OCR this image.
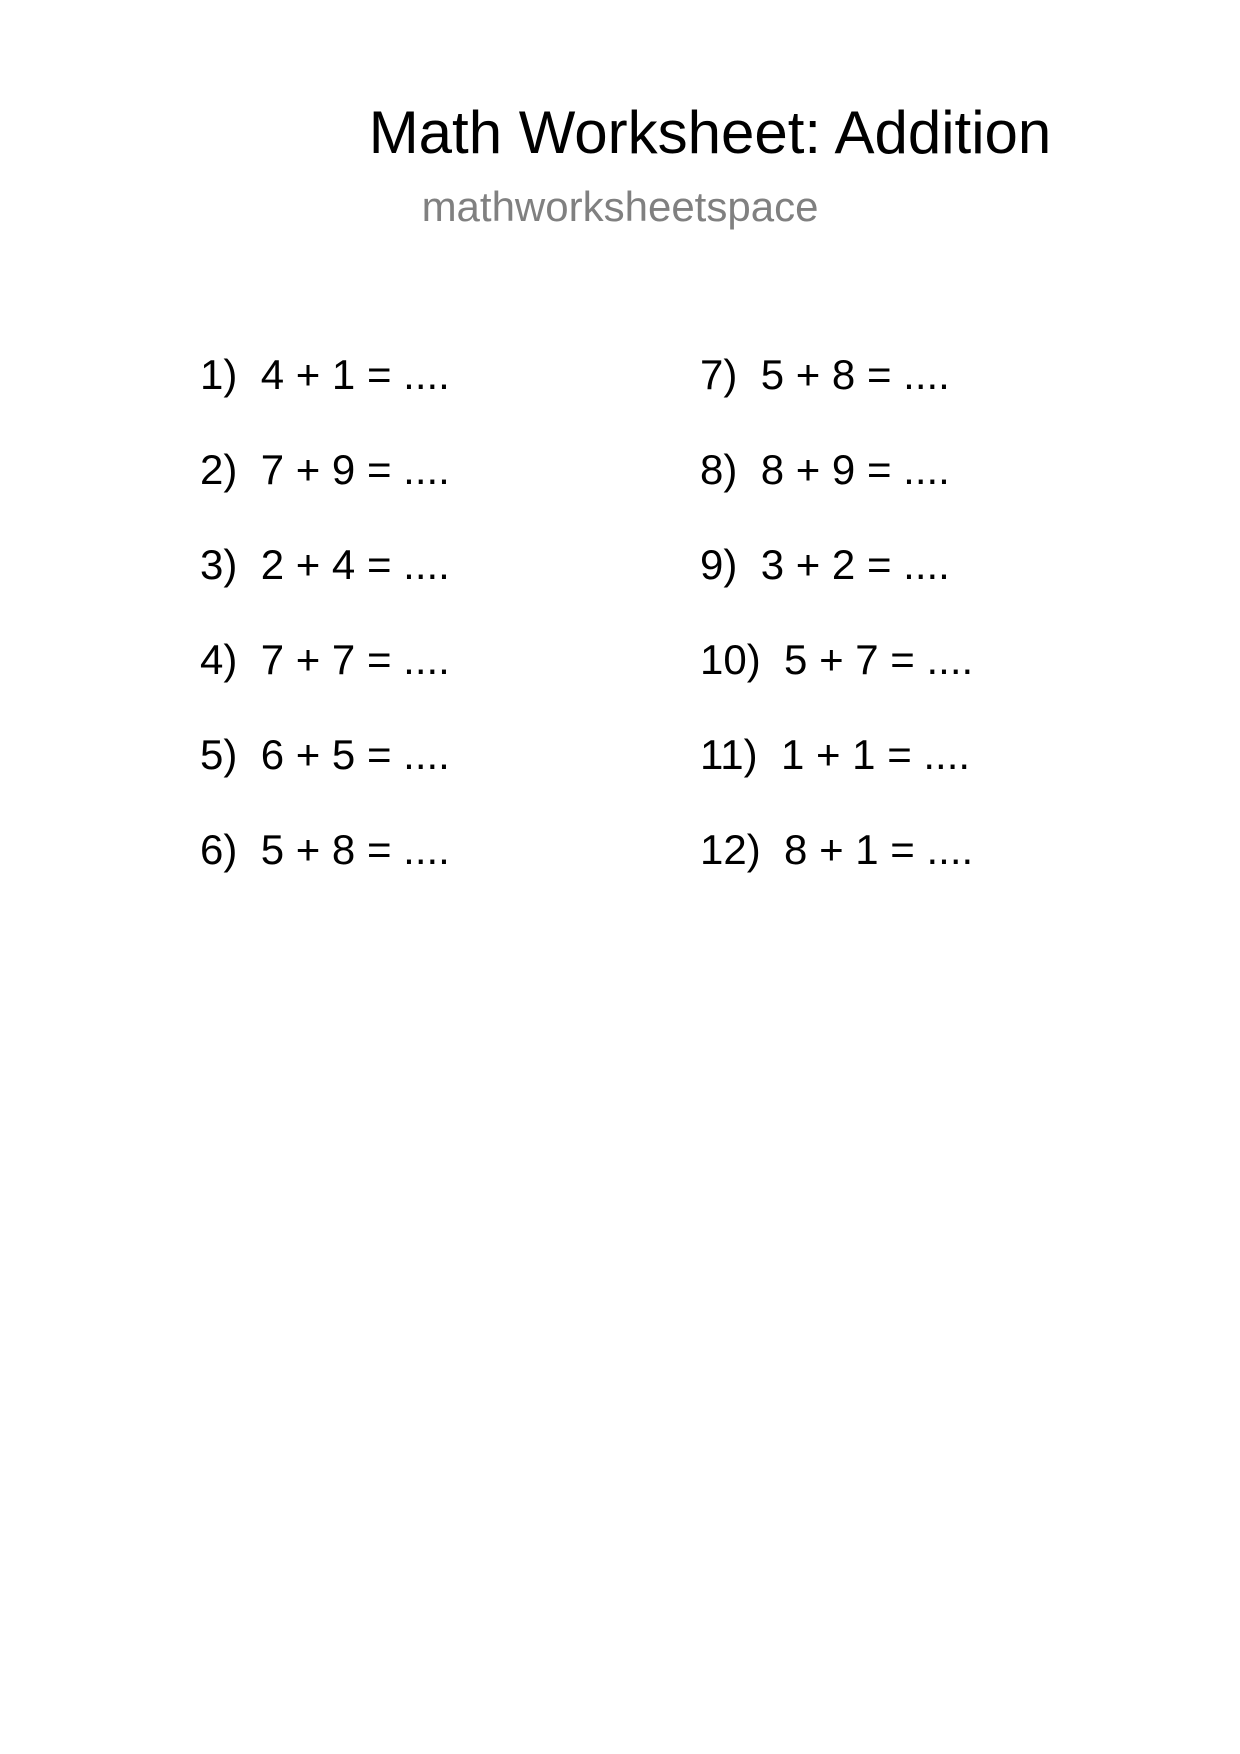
Math Worksheet: Addition
mathworksheetspace
1) 4 + 1 = ....
2) 7 + 9 = ....
3) 2 + 4 = ....
4) 7 + 7 = ....
5) 6 + 5 = ....
6) 5 + 8 = ....
7) 5 + 8 = ....
8) 8 + 9 = ....
9) 3 + 2 = ....
10) 5 + 7 = ....
11) 1 + 1 = ....
12) 8 + 1 = ....
